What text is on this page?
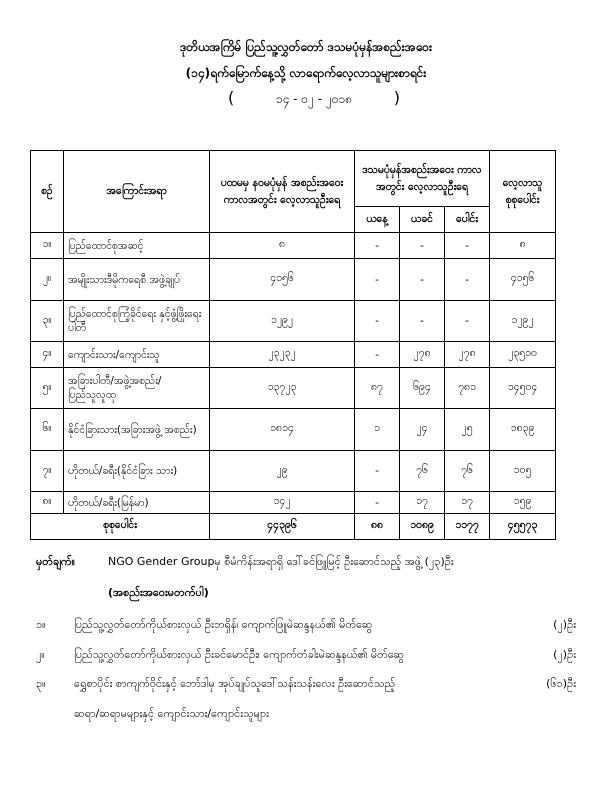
ဒုတိယအကြိမ် ပြည်သူ့လွှတ်တော် ဒသမပုံမှန်အစည်းအဝေး
(၁၄)ရက်မြောက်နေ့သို့ လာရောက်လေ့လာသူများစာရင်း
(	၁၄ - ၀၂ - ၂၀၁၈	)
စဉ်	အကြောင်းအရာ	ပထမမှ နဝမပုံမှန် အစည်းအဝေးကာလအတွင်း လေ့လာသူဦးရေ	ဒသမပုံမှန်အစည်းအဝေး ကာလအတွင်း လေ့လာသူဦးရေ			လေ့လာသူ စုစုပေါင်း
			ယနေ့	ယခင်	ပေါင်း	
၁။	ပြည်ထောင်စုအဆင့်	၈	-	-	-	၈
၂။	အမျိုးသားဒီမိုကရေစီ အဖွဲ့ချုပ်	၄၁၅၆	-	-	-	၄၁၅၆
၃။	ပြည်ထောင်စုကြံ့ခိုင်ရေး နှင့်ဖွံ့ဖြိုးရေးပါတီ	၁၂၉၂	-	-	-	၁၂၉၂
၄။	ကျောင်းသား/ကျောင်းသူ	၂၃၂၃၂	-	၂၇၈	၂၇၈	၂၃၅၁၀
၅။	အခြားပါတီ/အဖွဲ့အစည်း/ ပြည်သူလူထု	၁၃၇၂၃	၈၇	၆၉၄	၇၈၁	၁၄၅၀၄
၆။	နိုင်ငံခြားသား(အခြားအဖွဲ့ အစည်း)	၁၈၁၄	၁	၂၄	၂၅	၁၈၃၉
၇။	ဟိုတယ်/ခရီး(နိုင်ငံခြား သား)	၂၉	-	၇၆	၇၆	၁၀၅
၈။	ဟိုတယ်/ခရီး(မြန်မာ)	၁၄၂	-	၁၇	၁၇	၁၅၉
စုစုပေါင်း		၄၄၃၉၆	၈၈	၁၀၈၉	၁၁၇၇	၄၅၅၇၃
မှတ်ချက်။	NGO Gender Groupမှ စီမံကိန်းအရာရှိ ဒေါ်ခင်ဖြူမြင့် ဦးဆောင်သည့် အဖွဲ့ (၂၃)ဦး
(အစည်းအဝေးမတက်ပါ)
၁။	ပြည်သူ့လွှတ်တော်ကိုယ်စားလှယ် ဦးဘရှိန်၊ ကျောက်ဖြူမဲဆန္ဒနယ်၏ မိတ်ဆွေ	(၂)ဦး
၂။	ပြည်သူ့လွှတ်တော်ကိုယ်စားလှယ် ဦးခင်မောင်ဦး၊ ကျောက်တံခါးမဲဆန္ဒနယ်၏ မိတ်ဆွေ	(၂)ဦး
၃။	ရွှေစာပိုင်း စာကျက်ဝိုင်းနှင့် ဘော်ဒါမှ အုပ်ချုပ်သူဒေါ်သန်းသန်းလေး ဦးဆောင်သည့်	(၆၁)ဦး
ဆရာ/ဆရာမများနှင့် ကျောင်းသား/ကျောင်းသူများ
